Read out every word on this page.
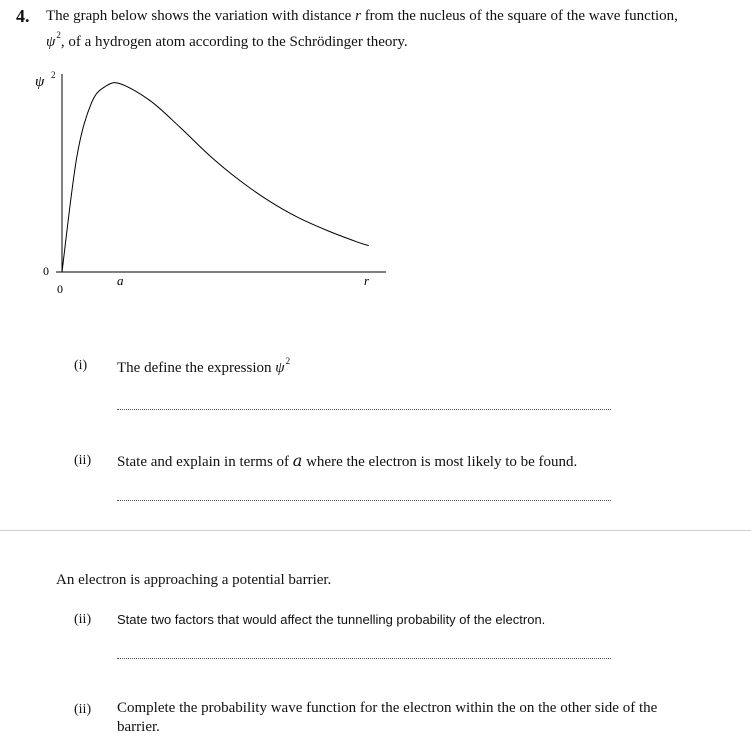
4. The graph below shows the variation with distance r from the nucleus of the square of the wave function,
$\psi^2$, of a hydrogen atom according to the Schrödinger theory.
ψ 2
0
0
a	r
(i) The define the expression $\psi^2$
(ii) State and explain in terms of a where the electron is most likely to be found.
An electron is approaching a potential barrier.
(ii) State two factors that would affect the tunnelling probability of the electron.
(ii) Complete the probability wave function for the electron within the on the other side of the
barrier.
